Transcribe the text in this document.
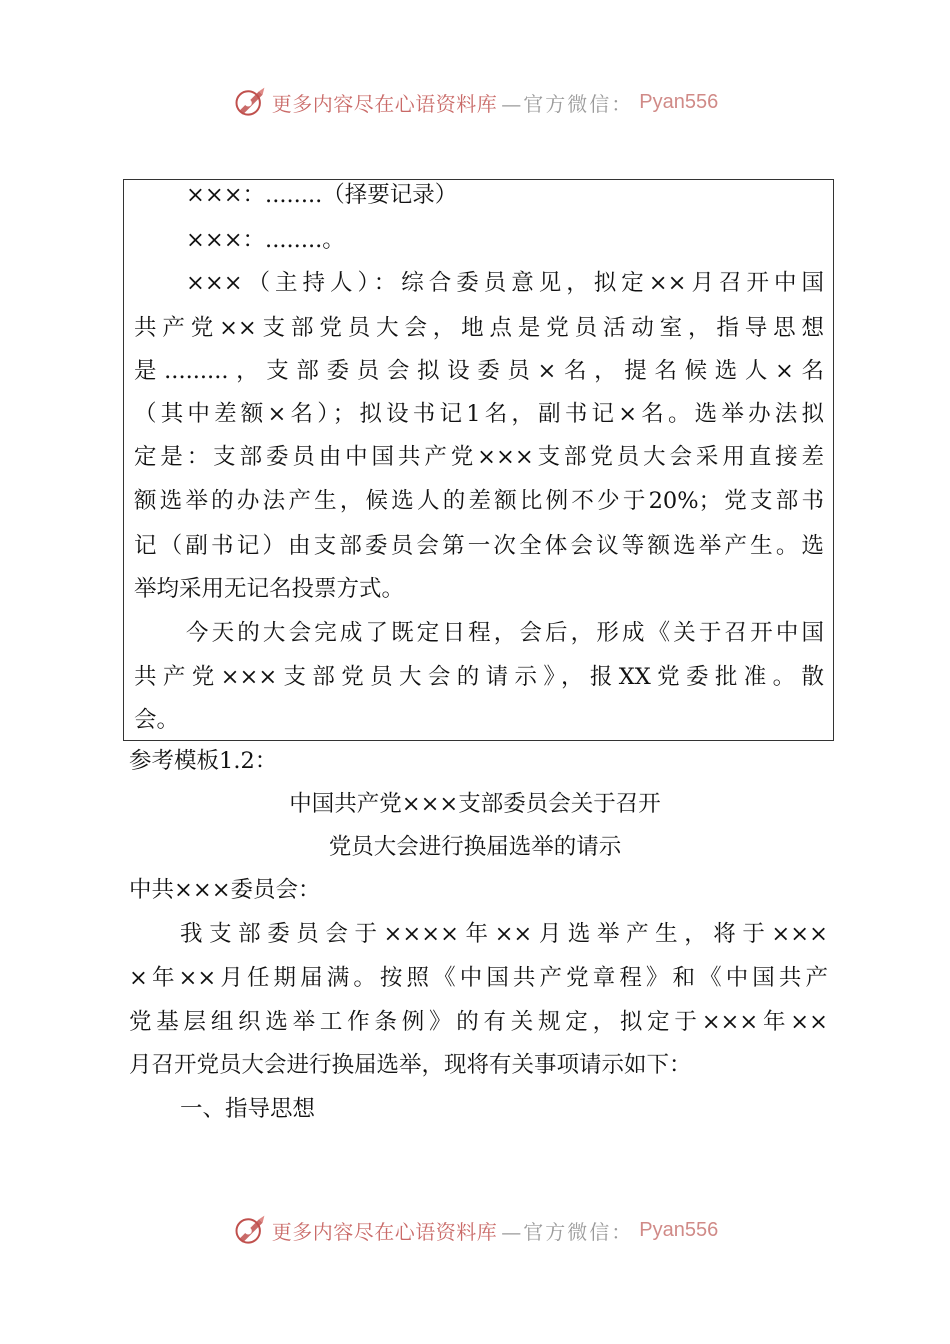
更多内容尽在心语资料库 —官方微信： Pyan556
×××：........（择要记录）
×××：........。
×××（主持人）：综合委员意见，拟定××月召开中国
共产党××支部党员大会，地点是党员活动室，指导思想
是.........，支部委员会拟设委员×名，提名候选人×名
（其中差额×名）；拟设书记1名，副书记×名。选举办法拟
定是：支部委员由中国共产党×××支部党员大会采用直接差
额选举的办法产生，候选人的差额比例不少于20%；党支部书
记（副书记）由支部委员会第一次全体会议等额选举产生。选
举均采用无记名投票方式。
今天的大会完成了既定日程，会后，形成《关于召开中国
共产党×××支部党员大会的请示》，报XX党委批准。散
会。
参考模板1.2：
中国共产党×××支部委员会关于召开
党员大会进行换届选举的请示
中共×××委员会：
我支部委员会于××××年××月选举产生，将于×××
×年××月任期届满。按照《中国共产党章程》和《中国共产
党基层组织选举工作条例》的有关规定，拟定于×××年××
月召开党员大会进行换届选举，现将有关事项请示如下：
一、指导思想
更多内容尽在心语资料库 —官方微信： Pyan556
